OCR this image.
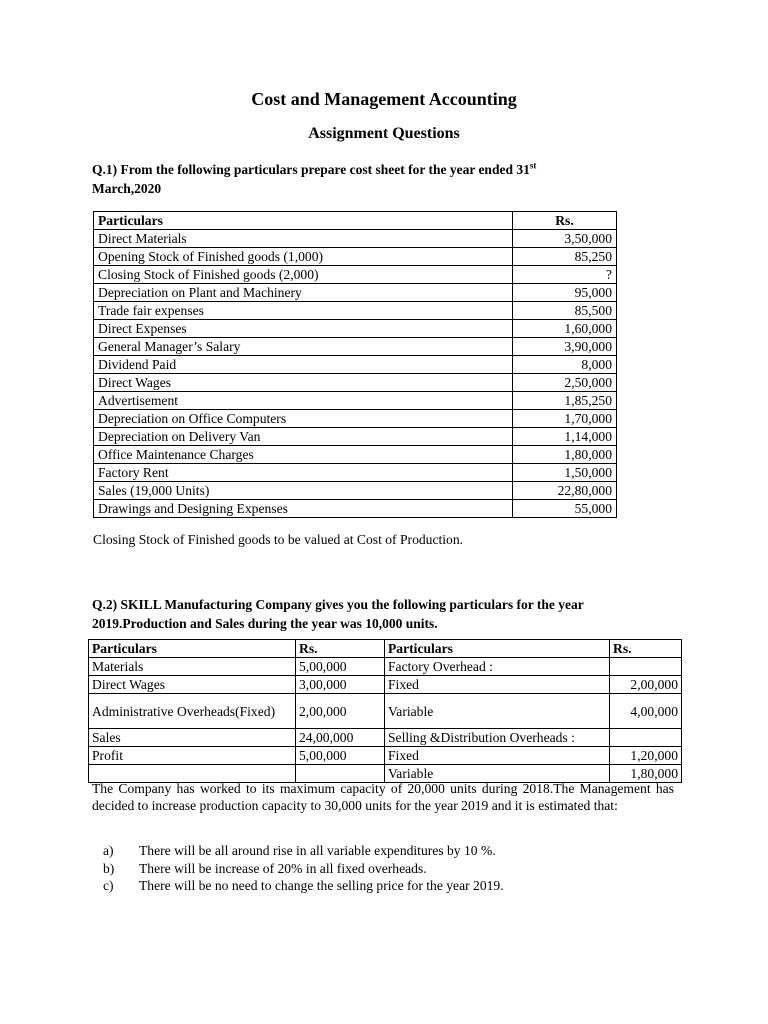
Cost and Management Accounting
Assignment Questions
Q.1) From the following particulars prepare cost sheet for the year ended 31st
March,2020
Particulars	Rs.
Direct Materials	3,50,000
Opening Stock of Finished goods (1,000)	85,250
Closing Stock of Finished goods (2,000)	?
Depreciation on Plant and Machinery	95,000
Trade fair expenses	85,500
Direct Expenses	1,60,000
General Manager’s Salary	3,90,000
Dividend Paid	8,000
Direct Wages	2,50,000
Advertisement	1,85,250
Depreciation on Office Computers	1,70,000
Depreciation on Delivery Van	1,14,000
Office Maintenance Charges	1,80,000
Factory Rent	1,50,000
Sales (19,000 Units)	22,80,000
Drawings and Designing Expenses	55,000
Closing Stock of Finished goods to be valued at Cost of Production.
Q.2) SKILL Manufacturing Company gives you the following particulars for the year
2019.Production and Sales during the year was 10,000 units.
Particulars	Rs.	Particulars	Rs.
Materials	5,00,000	Factory Overhead :	
Direct Wages	3,00,000	Fixed	2,00,000
Administrative Overheads(Fixed)	2,00,000	Variable	4,00,000
Sales	24,00,000	Selling &Distribution Overheads :	
Profit	5,00,000	Fixed	1,20,000
		Variable	1,80,000
The Company has worked to its maximum capacity of 20,000 units during 2018.The Management has decided to increase production capacity to 30,000 units for the year 2019 and it is estimated that:
a)	There will be all around rise in all variable expenditures by 10 %.
b)	There will be increase of 20% in all fixed overheads.
c)	There will be no need to change the selling price for the year 2019.
